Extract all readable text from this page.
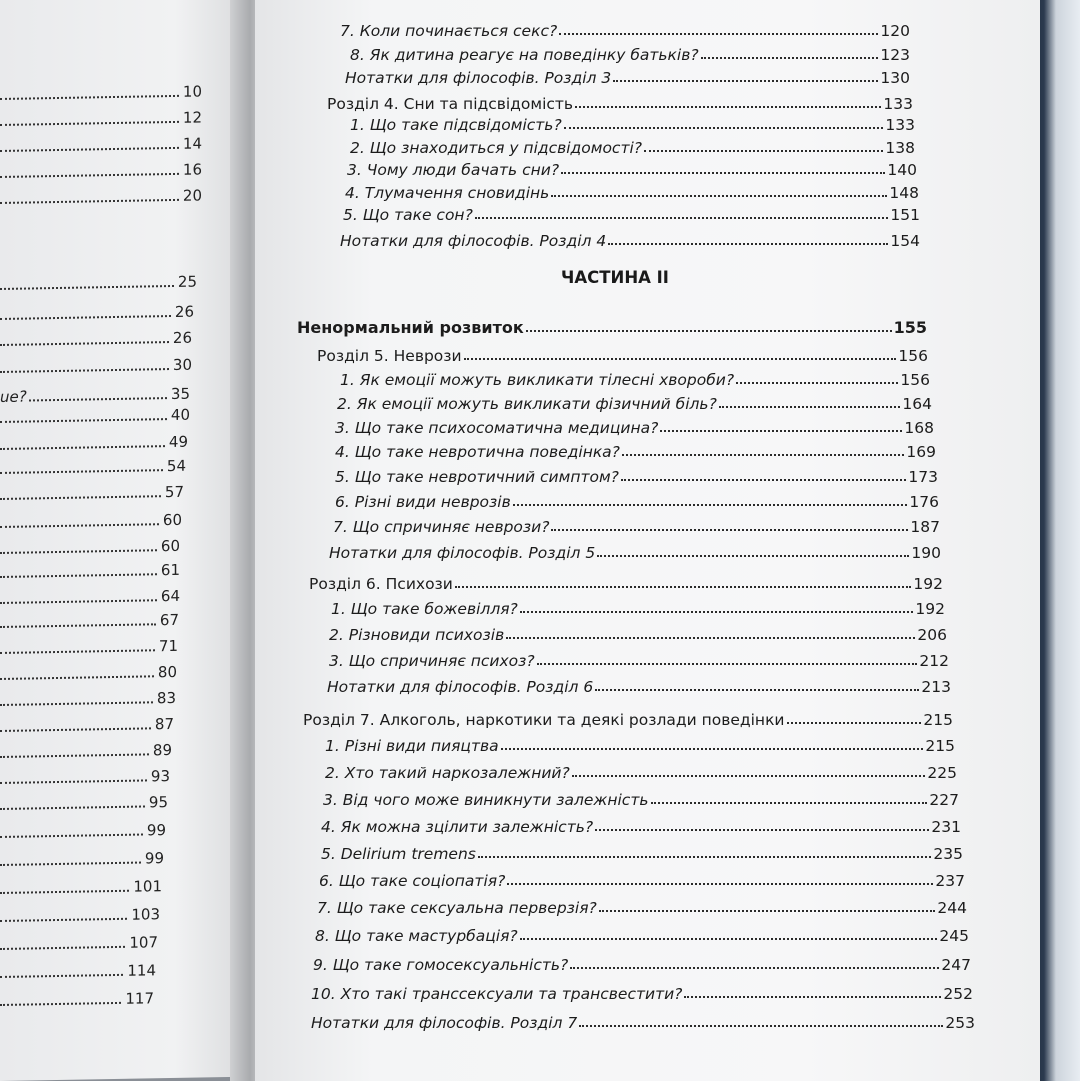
10
12
14
16
20
25
26
26
30
ue?	35
40
49
54
57
60
60
61
64
67
71
80
83
87
89
93
95
99
99
101
103
107
114
117
ЧАСТИНА II
7. Коли починається секс?	120
8. Як дитина реагує на поведінку батьків?	123
Нотатки для філософів. Розділ 3	130
Розділ 4. Сни та підсвідомість	133
1. Що таке підсвідомість?	133
2. Що знаходиться у підсвідомості?	138
3. Чому люди бачать сни?	140
4. Тлумачення сновидінь	148
5. Що таке сон?	151
Нотатки для філософів. Розділ 4	154
Ненормальний розвиток	155
Розділ 5. Неврози	156
1. Як емоції можуть викликати тілесні хвороби?	156
2. Як емоції можуть викликати фізичний біль?	164
3. Що таке психосоматична медицина?	168
4. Що таке невротична поведінка?	169
5. Що таке невротичний симптом?	173
6. Різні види неврозів	176
7. Що спричиняє неврози?	187
Нотатки для філософів. Розділ 5	190
Розділ 6. Психози	192
1. Що таке божевілля?	192
2. Різновиди психозів	206
3. Що спричиняє психоз?	212
Нотатки для філософів. Розділ 6	213
Розділ 7. Алкоголь, наркотики та деякі розлади поведінки	215
1. Різні види пияцтва	215
2. Хто такий наркозалежний?	225
3. Від чого може виникнути залежність	227
4. Як можна зцілити залежність?	231
5. Delirium tremens	235
6. Що таке соціопатія?	237
7. Що таке сексуальна перверзія?	244
8. Що таке мастурбація?	245
9. Що таке гомосексуальність?	247
10. Хто такі транссексуали та трансвестити?	252
Нотатки для філософів. Розділ 7	253
